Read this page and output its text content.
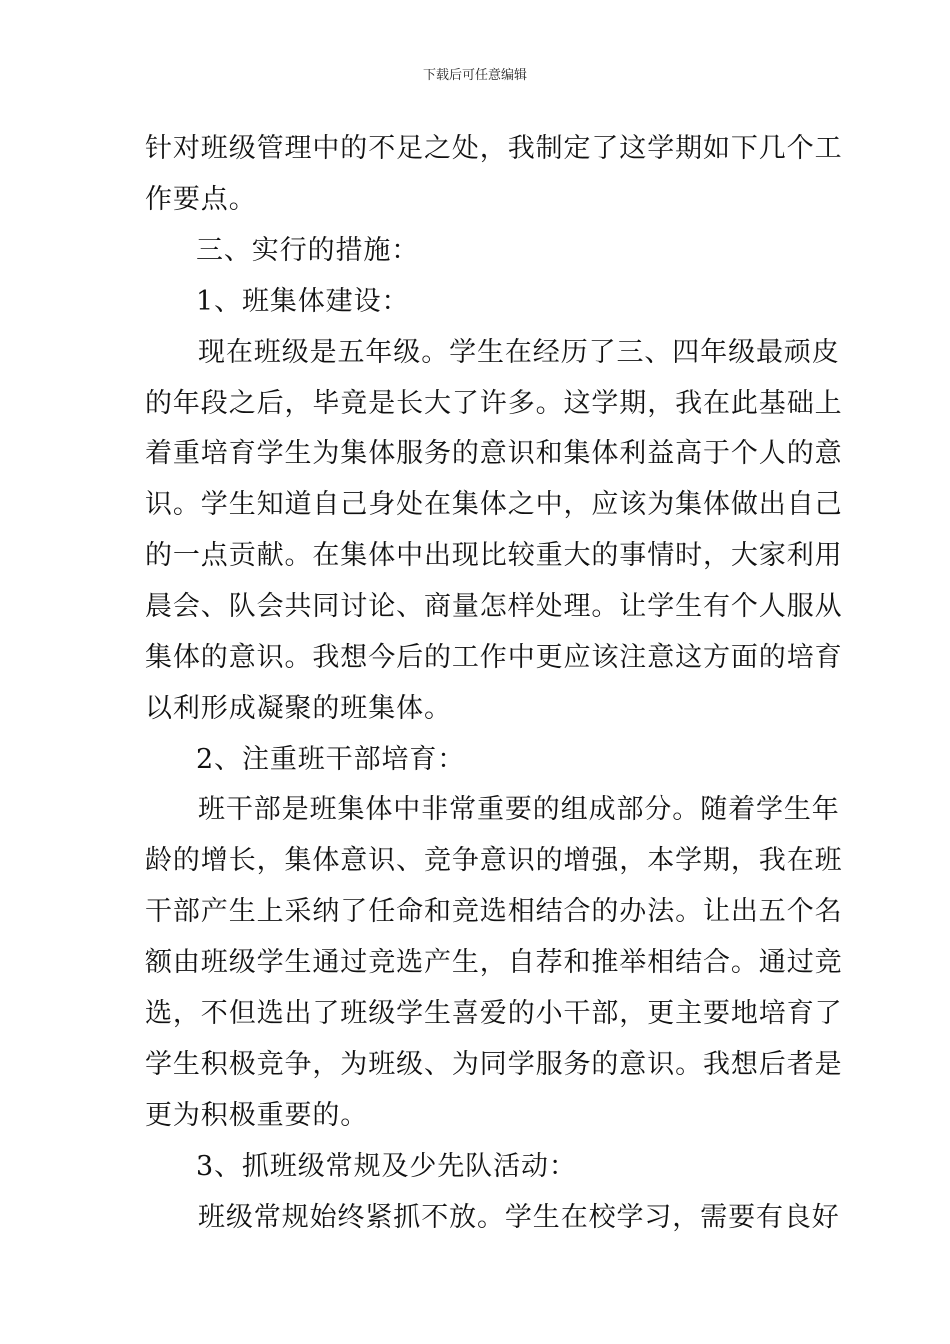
下载后可任意编辑
针对班级管理中的不足之处，我制定了这学期如下几个工
作要点。
三、实行的措施：
1、班集体建设：
现在班级是五年级。学生在经历了三、四年级最顽皮
的年段之后，毕竟是长大了许多。这学期，我在此基础上
着重培育学生为集体服务的意识和集体利益高于个人的意
识。学生知道自己身处在集体之中，应该为集体做出自己
的一点贡献。在集体中出现比较重大的事情时，大家利用
晨会、队会共同讨论、商量怎样处理。让学生有个人服从
集体的意识。我想今后的工作中更应该注意这方面的培育
以利形成凝聚的班集体。
2、注重班干部培育：
班干部是班集体中非常重要的组成部分。随着学生年
龄的增长，集体意识、竞争意识的增强，本学期，我在班
干部产生上采纳了任命和竞选相结合的办法。让出五个名
额由班级学生通过竞选产生，自荐和推举相结合。通过竞
选，不但选出了班级学生喜爱的小干部，更主要地培育了
学生积极竞争，为班级、为同学服务的意识。我想后者是
更为积极重要的。
3、抓班级常规及少先队活动：
班级常规始终紧抓不放。学生在校学习，需要有良好
